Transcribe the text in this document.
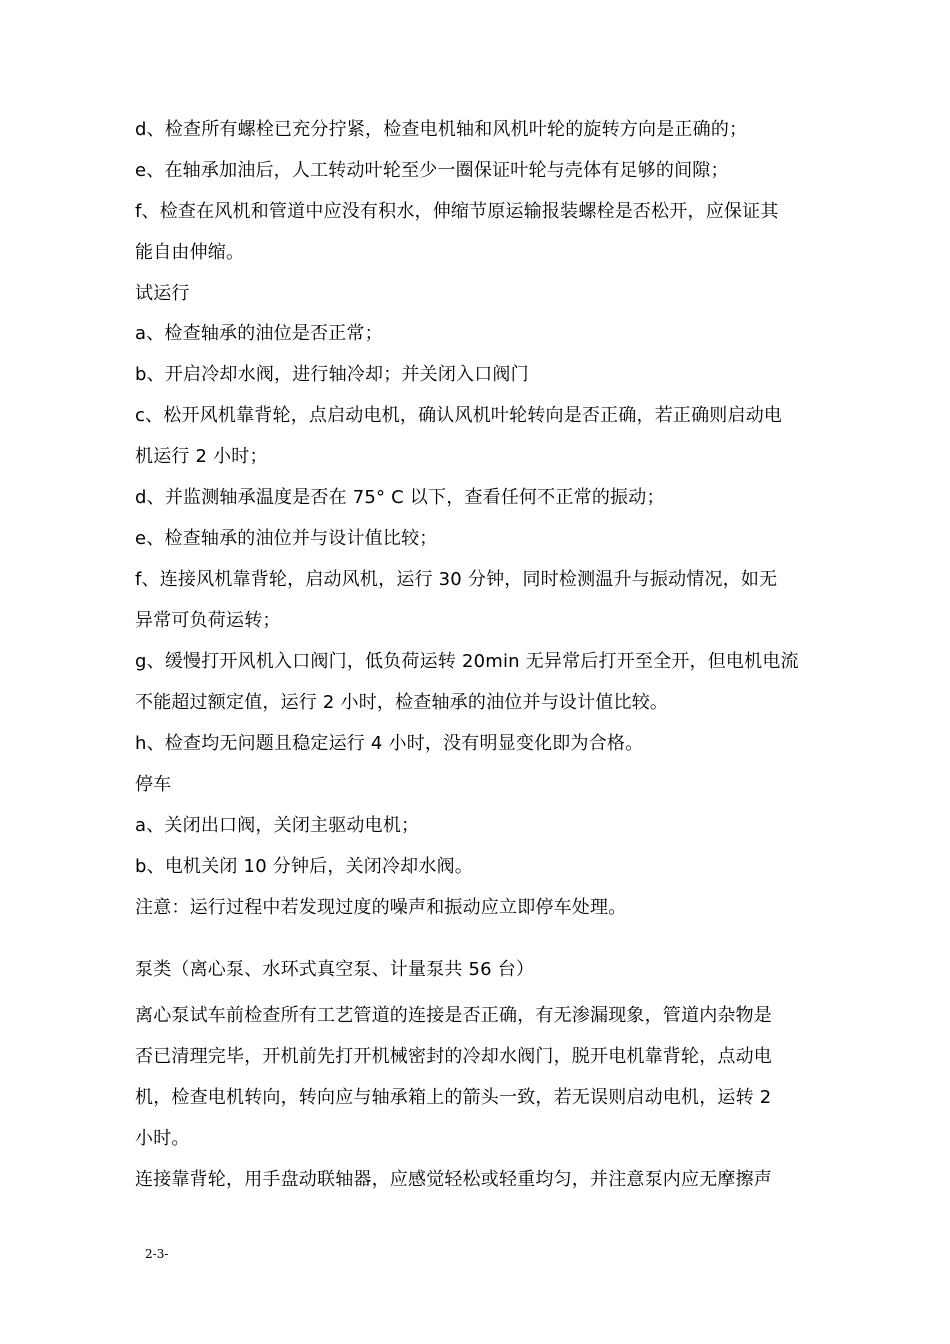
d、检查所有螺栓已充分拧紧，检查电机轴和风机叶轮的旋转方向是正确的；
e、在轴承加油后，人工转动叶轮至少一圈保证叶轮与壳体有足够的间隙；
f、检查在风机和管道中应没有积水，伸缩节原运输报装螺栓是否松开，应保证其
能自由伸缩。
试运行
a、检查轴承的油位是否正常；
b、开启冷却水阀，进行轴冷却；并关闭入口阀门
c、松开风机靠背轮，点启动电机，确认风机叶轮转向是否正确，若正确则启动电
机运行 2 小时；
d、并监测轴承温度是否在 75° C 以下，查看任何不正常的振动；
e、检查轴承的油位并与设计值比较；
f、连接风机靠背轮，启动风机，运行 30 分钟，同时检测温升与振动情况，如无
异常可负荷运转；
g、缓慢打开风机入口阀门，低负荷运转 20min 无异常后打开至全开，但电机电流
不能超过额定值，运行 2 小时，检查轴承的油位并与设计值比较。
h、检查均无问题且稳定运行 4 小时，没有明显变化即为合格。
停车
a、关闭出口阀，关闭主驱动电机；
b、电机关闭 10 分钟后，关闭冷却水阀。
注意：运行过程中若发现过度的噪声和振动应立即停车处理。
泵类（离心泵、水环式真空泵、计量泵共 56 台）
离心泵试车前检查所有工艺管道的连接是否正确，有无渗漏现象，管道内杂物是
否已清理完毕，开机前先打开机械密封的冷却水阀门，脱开电机靠背轮，点动电
机，检查电机转向，转向应与轴承箱上的箭头一致，若无误则启动电机，运转 2
小时。
连接靠背轮，用手盘动联轴器，应感觉轻松或轻重均匀，并注意泵内应无摩擦声
2-3-
